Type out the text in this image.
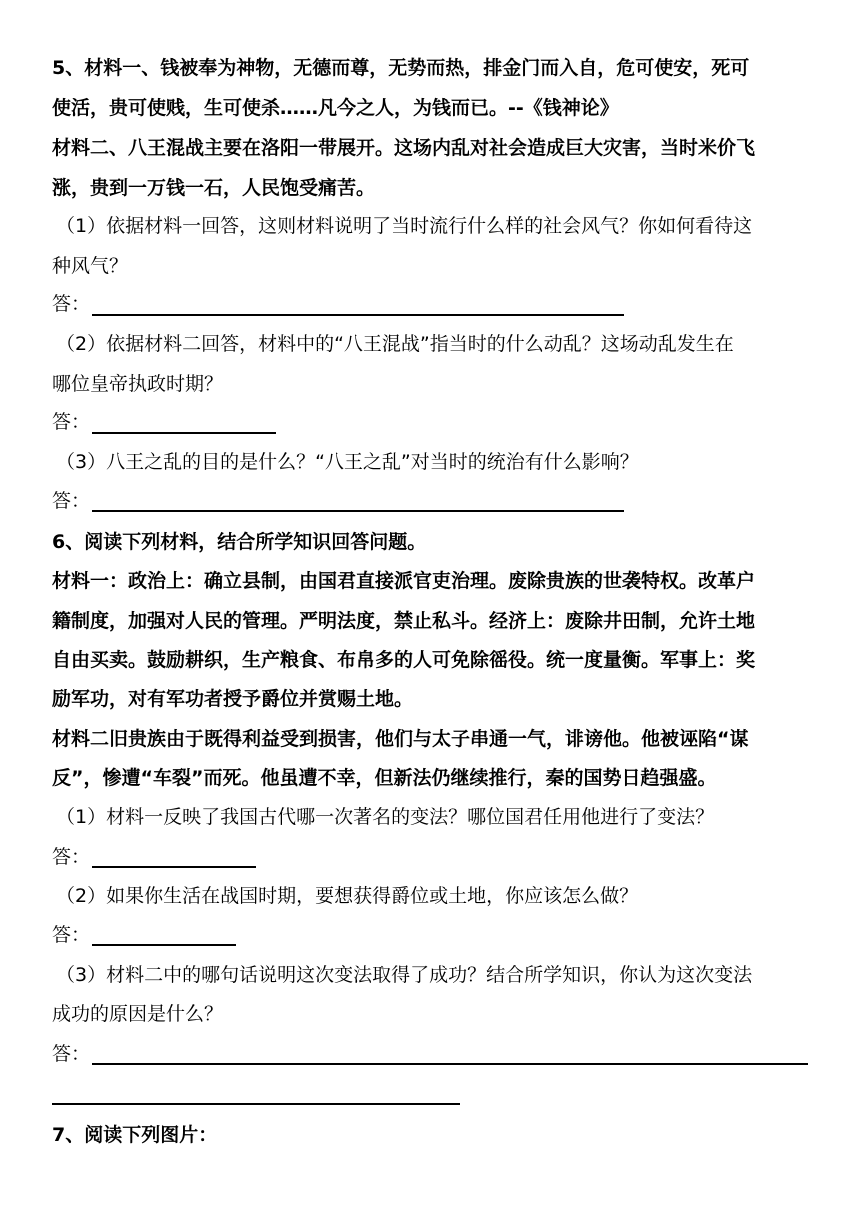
5、材料一、钱被奉为神物，无德而尊，无势而热，排金门而入自，危可使安，死可
使活，贵可使贱，生可使杀……凡今之人，为钱而已。--《钱神论》
材料二、八王混战主要在洛阳一带展开。这场内乱对社会造成巨大灾害，当时米价飞
涨，贵到一万钱一石，人民饱受痛苦。
（1）依据材料一回答，这则材料说明了当时流行什么样的社会风气？你如何看待这
种风气？
答：
（2）依据材料二回答，材料中的“八王混战”指当时的什么动乱？这场动乱发生在
哪位皇帝执政时期？
答：
（3）八王之乱的目的是什么？“八王之乱”对当时的统治有什么影响？
答：
6、阅读下列材料，结合所学知识回答问题。
材料一：政治上：确立县制，由国君直接派官吏治理。废除贵族的世袭特权。改革户
籍制度，加强对人民的管理。严明法度，禁止私斗。经济上：废除井田制，允许土地
自由买卖。鼓励耕织，生产粮食、布帛多的人可免除徭役。统一度量衡。军事上：奖
励军功，对有军功者授予爵位并赏赐土地。
材料二旧贵族由于既得利益受到损害，他们与太子串通一气，诽谤他。他被诬陷“谋
反”，惨遭“车裂”而死。他虽遭不幸，但新法仍继续推行，秦的国势日趋强盛。
（1）材料一反映了我国古代哪一次著名的变法？哪位国君任用他进行了变法？
答：
（2）如果你生活在战国时期，要想获得爵位或土地，你应该怎么做？
答：
（3）材料二中的哪句话说明这次变法取得了成功？结合所学知识，你认为这次变法
成功的原因是什么？
答：
7、阅读下列图片：
